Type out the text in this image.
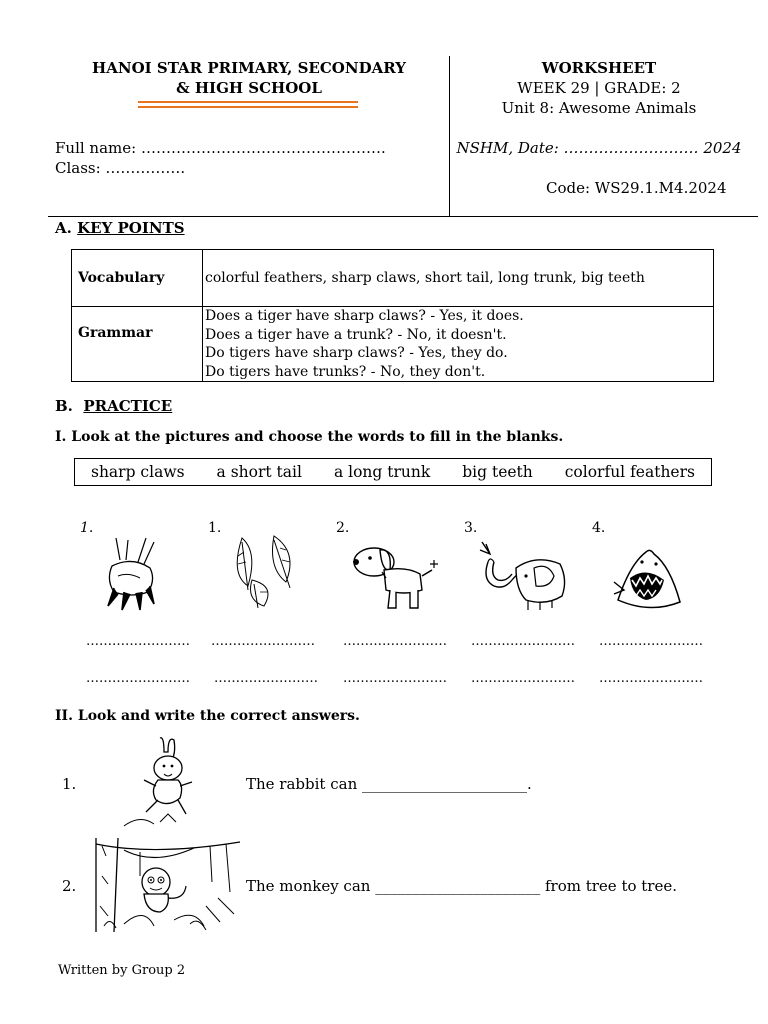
HANOI STAR PRIMARY, SECONDARY
& HIGH SCHOOL
Full name: ………………………………………….
Class: …………….
WORKSHEET
WEEK 29 | GRADE: 2
Unit 8: Awesome Animals
NSHM, Date: ……………………… 2024
Code: WS29.1.M4.2024
A. KEY POINTS
Vocabulary	colorful feathers, sharp claws, short tail, long trunk, big teeth
Grammar	Does a tiger have sharp claws? - Yes, it does.
Does a tiger have a trunk? - No, it doesn't.
Do tigers have sharp claws? - Yes, they do.
Do tigers have trunks? - No, they don't.
B. PRACTICE
I. Look at the pictures and choose the words to fill in the blanks.
sharp claws a short tail a long trunk big teeth colorful feathers
1.	1.	2.	3.	4.
…………………… …………………… …………………… …………………… ……………………
…………………… …………………… …………………… …………………… ……………………
II. Look and write the correct answers.
1.	The rabbit can ______________________.
2.	The monkey can ______________________ from tree to tree.
Written by Group 2
